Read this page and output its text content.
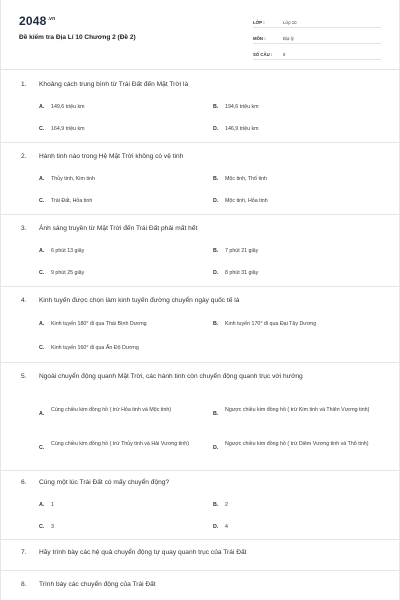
$2048^{.vn}$
Đề kiểm tra Địa Lí 10 Chương 2 (Đề 2)
LỚP :	Lớp 10
MÔN :	Địa lý
SỐ CÂU :	8
1.	Khoảng cách trung bình từ Trái Đất đến Mặt Trời là
A.	149,6 triệu km	B.	194,6 triệu km
C.	164,9 triệu km	D.	146,9 triệu km
2.	Hành tinh nào trong Hệ Mặt Trời không có vệ tinh
A.	Thủy tinh, Kim tinh	B.	Mộc tinh, Thổ tinh
C.	Trái Đất, Hỏa tinh	D.	Mộc tinh, Hỏa tinh
3.	Ánh sáng truyền từ Mặt Trời đến Trái Đất phải mất hết
A.	6 phút 13 giây	B.	7 phút 21 giây
C.	9 phút 25 giây	D.	8 phút 31 giây
4.	Kinh tuyến được chọn làm kinh tuyến đường chuyển ngày quốc tế là
A.	Kinh tuyến 180° đi qua Thái Bình Dương	B.	Kinh tuyến 170° đi qua Đại Tây Dương
C.	Kinh tuyến 160° đi qua Ấn Độ Dương
5.	Ngoài chuyển động quanh Mặt Trời, các hành tinh còn chuyển động quanh trục với hướng
A.
Cùng chiều kim đồng hồ ( trừ Hỏa tinh và Mộc tinh)
B.
Ngược chiều kim đồng hồ ( trừ Kim tinh và Thiên Vương tinh)
C.
Cùng chiều kim đồng hồ ( trừ Thủy tinh và Hải Vương tinh)
D.
Ngược chiều kim đồng hồ ( trừ Diêm Vương tinh và Thổ tinh)
6.	Cùng một lúc Trái Đất có mấy chuyển động?
A.	1	B.	2
C.	3	D.	4
7.	Hãy trình bày các hệ quả chuyển động tự quay quanh trục của Trái Đất
8.	Trình bày các chuyển động của Trái Đất
